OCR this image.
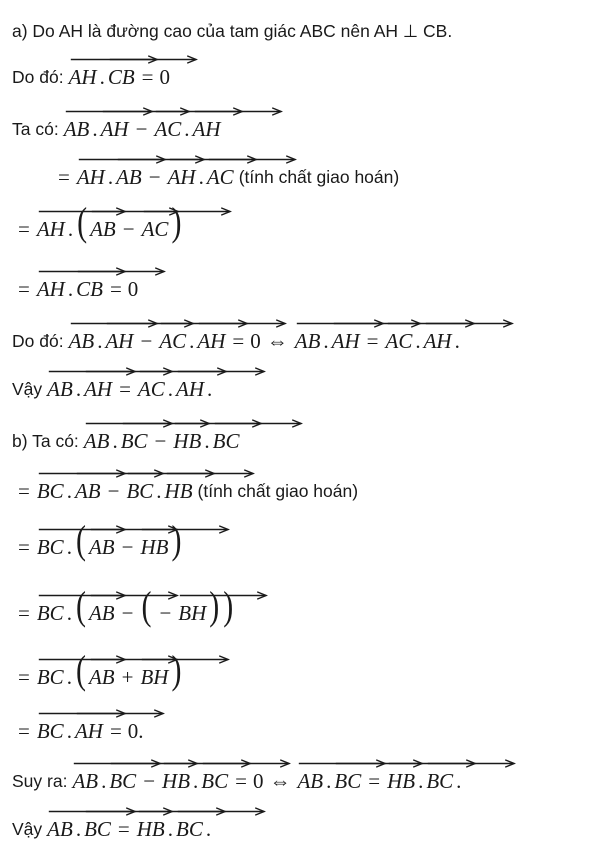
a) Do AH là đường cao của tam giác ABC nên AH ⊥ CB.
Do đó: AH . CB = 0
Ta có: AB . AH − AC . AH
= AH . AB − AH . AC (tính chất giao hoán)
= AH . ( AB − AC )
= AH . CB = 0
Do đó: AB . AH − AC . AH = 0 ⇔ AB . AH = AC . AH .
Vậy AB . AH = AC . AH .
b) Ta có: AB . BC − HB . BC
= BC . AB − BC . HB (tính chất giao hoán)
= BC . ( AB − HB )
= BC . ( AB − ( − BH ) )
= BC . ( AB + BH )
= BC . AH = 0.
Suy ra: AB . BC − HB . BC = 0 ⇔ AB . BC = HB . BC .
Vậy AB . BC = HB . BC .
